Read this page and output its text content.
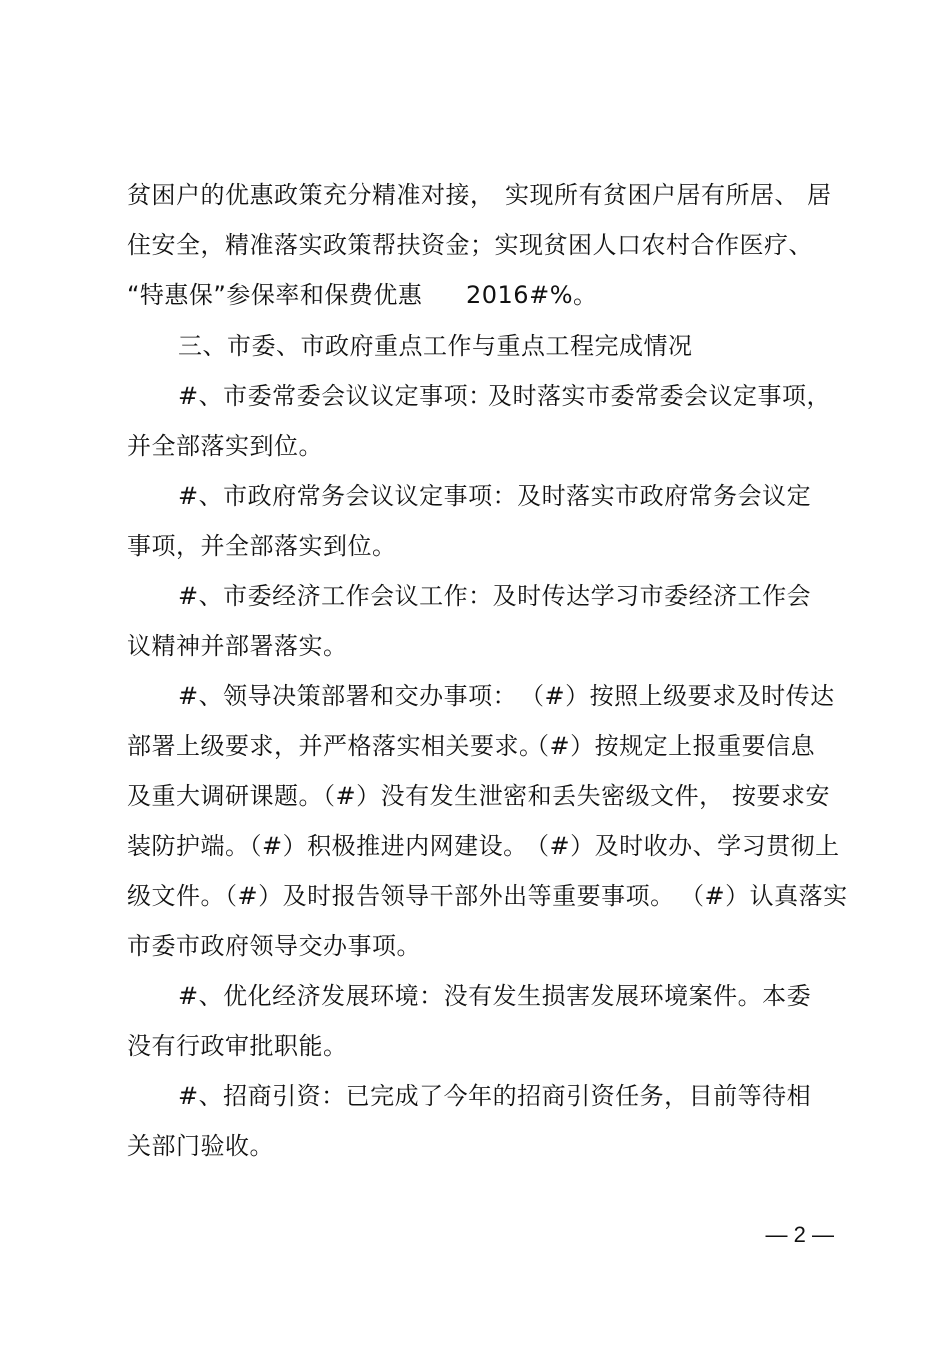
贫困户的优惠政策充分精准对接，

实现所有贫困户居有所居、

居

住安全，精准落实政策帮扶资金；实现贫困人口农村合作医疗、

“特惠保”参保率和保费优惠

2016#%。

三、市委、市政府重点工作与重点工程完成情况

#、市委常委会议议定事项：

及时落实市委常委会议定事项，

并全部落实到位。

#、市政府常务会议议定事项：及时落实市政府常务会议定

事项，并全部落实到位。

#、市委经济工作会议工作：及时传达学习市委经济工作会

议精神并部署落实。

#、领导决策部署和交办事项：

（#）按照上级要求及时传达

部署上级要求，并严格落实相关要求。

（#）按规定上报重要信息

及重大调研课题。（#）没有发生泄密和丢失密级文件，

按要求安

装防护端。（#）积极推进内网建设。

（#）及时收办、学习贯彻上

级文件。（#）及时报告领导干部外出等重要事项。

（#）认真落实

市委市政府领导交办事项。

#、优化经济发展环境：没有发生损害发展环境案件。本委

没有行政审批职能。

#、招商引资：已完成了今年的招商引资任务，目前等待相

关部门验收。

— 2 —
